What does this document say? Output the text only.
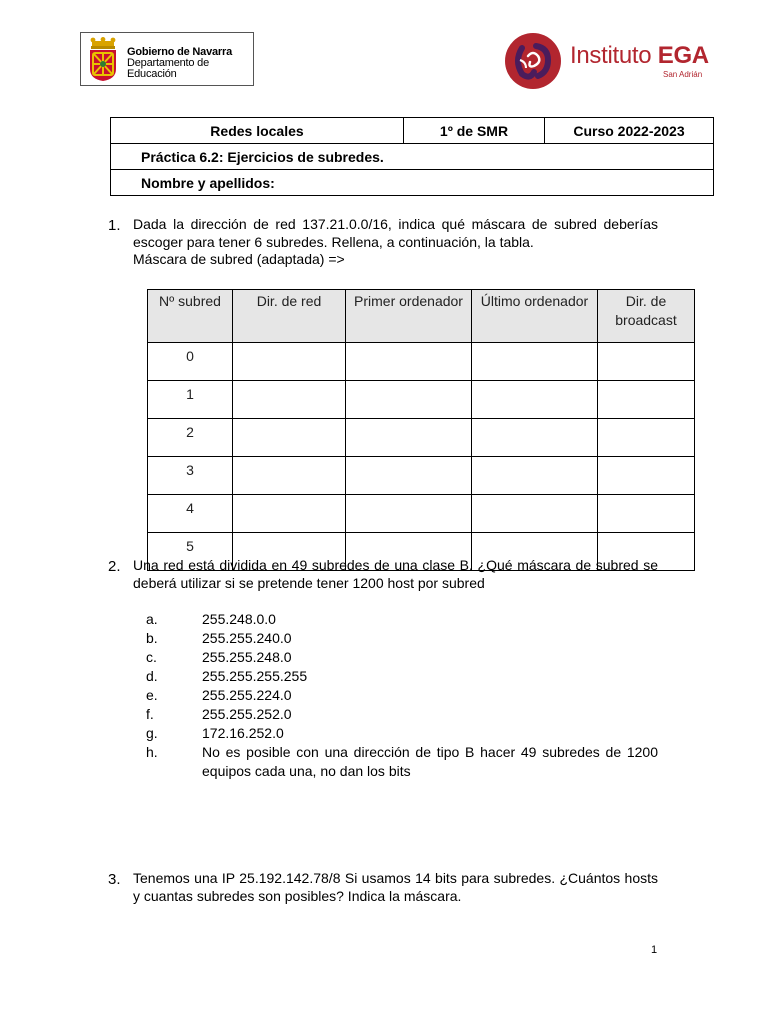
Gobierno de Navarra
Departamento de
Educación
Instituto EGA
San Adrián
Redes locales	1º de SMR	Curso 2022-2023
Práctica 6.2: Ejercicios de subredes.
Nombre y apellidos:
1. Dada la dirección de red 137.21.0.0/16, indica qué máscara de subred deberías escoger para tener 6 subredes. Rellena, a continuación, la tabla.
Máscara de subred (adaptada) =>
Nº subred	Dir. de red	Primer ordenador	Último ordenador	Dir. de broadcast
0				
1				
2				
3				
4				
5				
2. Una red está dividida en 49 subredes de una clase B. ¿Qué máscara de subred se deberá utilizar si se pretende tener 1200 host por subred
a.	255.248.0.0
b.	255.255.240.0
c.	255.255.248.0
d.	255.255.255.255
e.	255.255.224.0
f.	255.255.252.0
g.	172.16.252.0
h.	No es posible con una dirección de tipo B hacer 49 subredes de 1200 equipos cada una, no dan los bits
3. Tenemos una IP 25.192.142.78/8 Si usamos 14 bits para subredes. ¿Cuántos hosts y cuantas subredes son posibles? Indica la máscara.
1
